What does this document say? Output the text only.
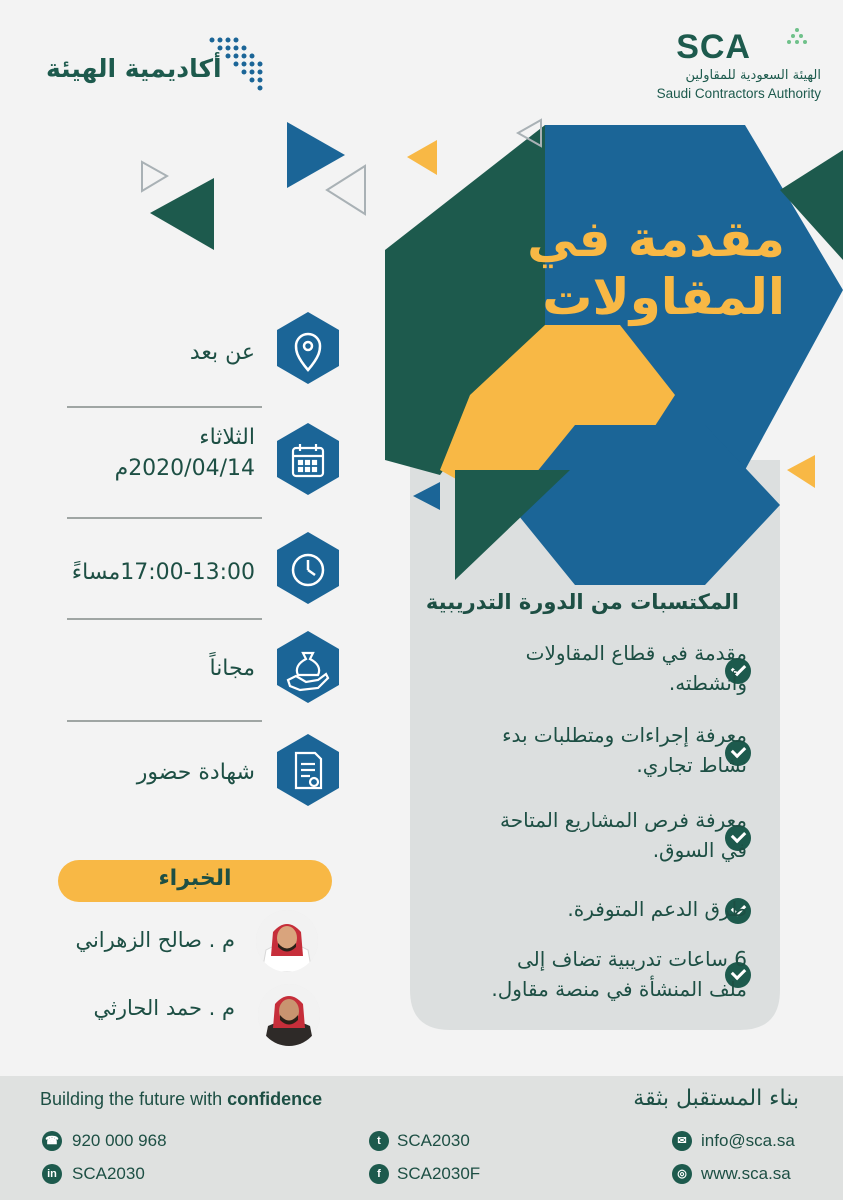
أكاديمية الهيئة
SCA
الهيئة السعودية للمقاولين
Saudi Contractors Authority
مقدمة في
المقاولات
المكتسبات من الدورة التدريبية
مقدمة في قطاع المقاولات
وأنشطته.
معرفة إجراءات ومتطلبات بدء
نشاط تجاري.
معرفة فرص المشاريع المتاحة
في السوق.
طرق الدعم المتوفرة.
6 ساعات تدريبية تضاف إلى
ملف المنشأة في منصة مقاول.
عن بعد
الثلاثاء
2020/04/14م
17:00-13:00مساءً
مجاناً
شهادة حضور
الخبراء
م . صالح الزهراني
م . حمد الحارثي
Building the future with confidence	بناء المستقبل بثقة
☎ 920 000 968
in SCA2030
t SCA2030
f SCA2030F
✉ info@sca.sa
◎ www.sca.sa
